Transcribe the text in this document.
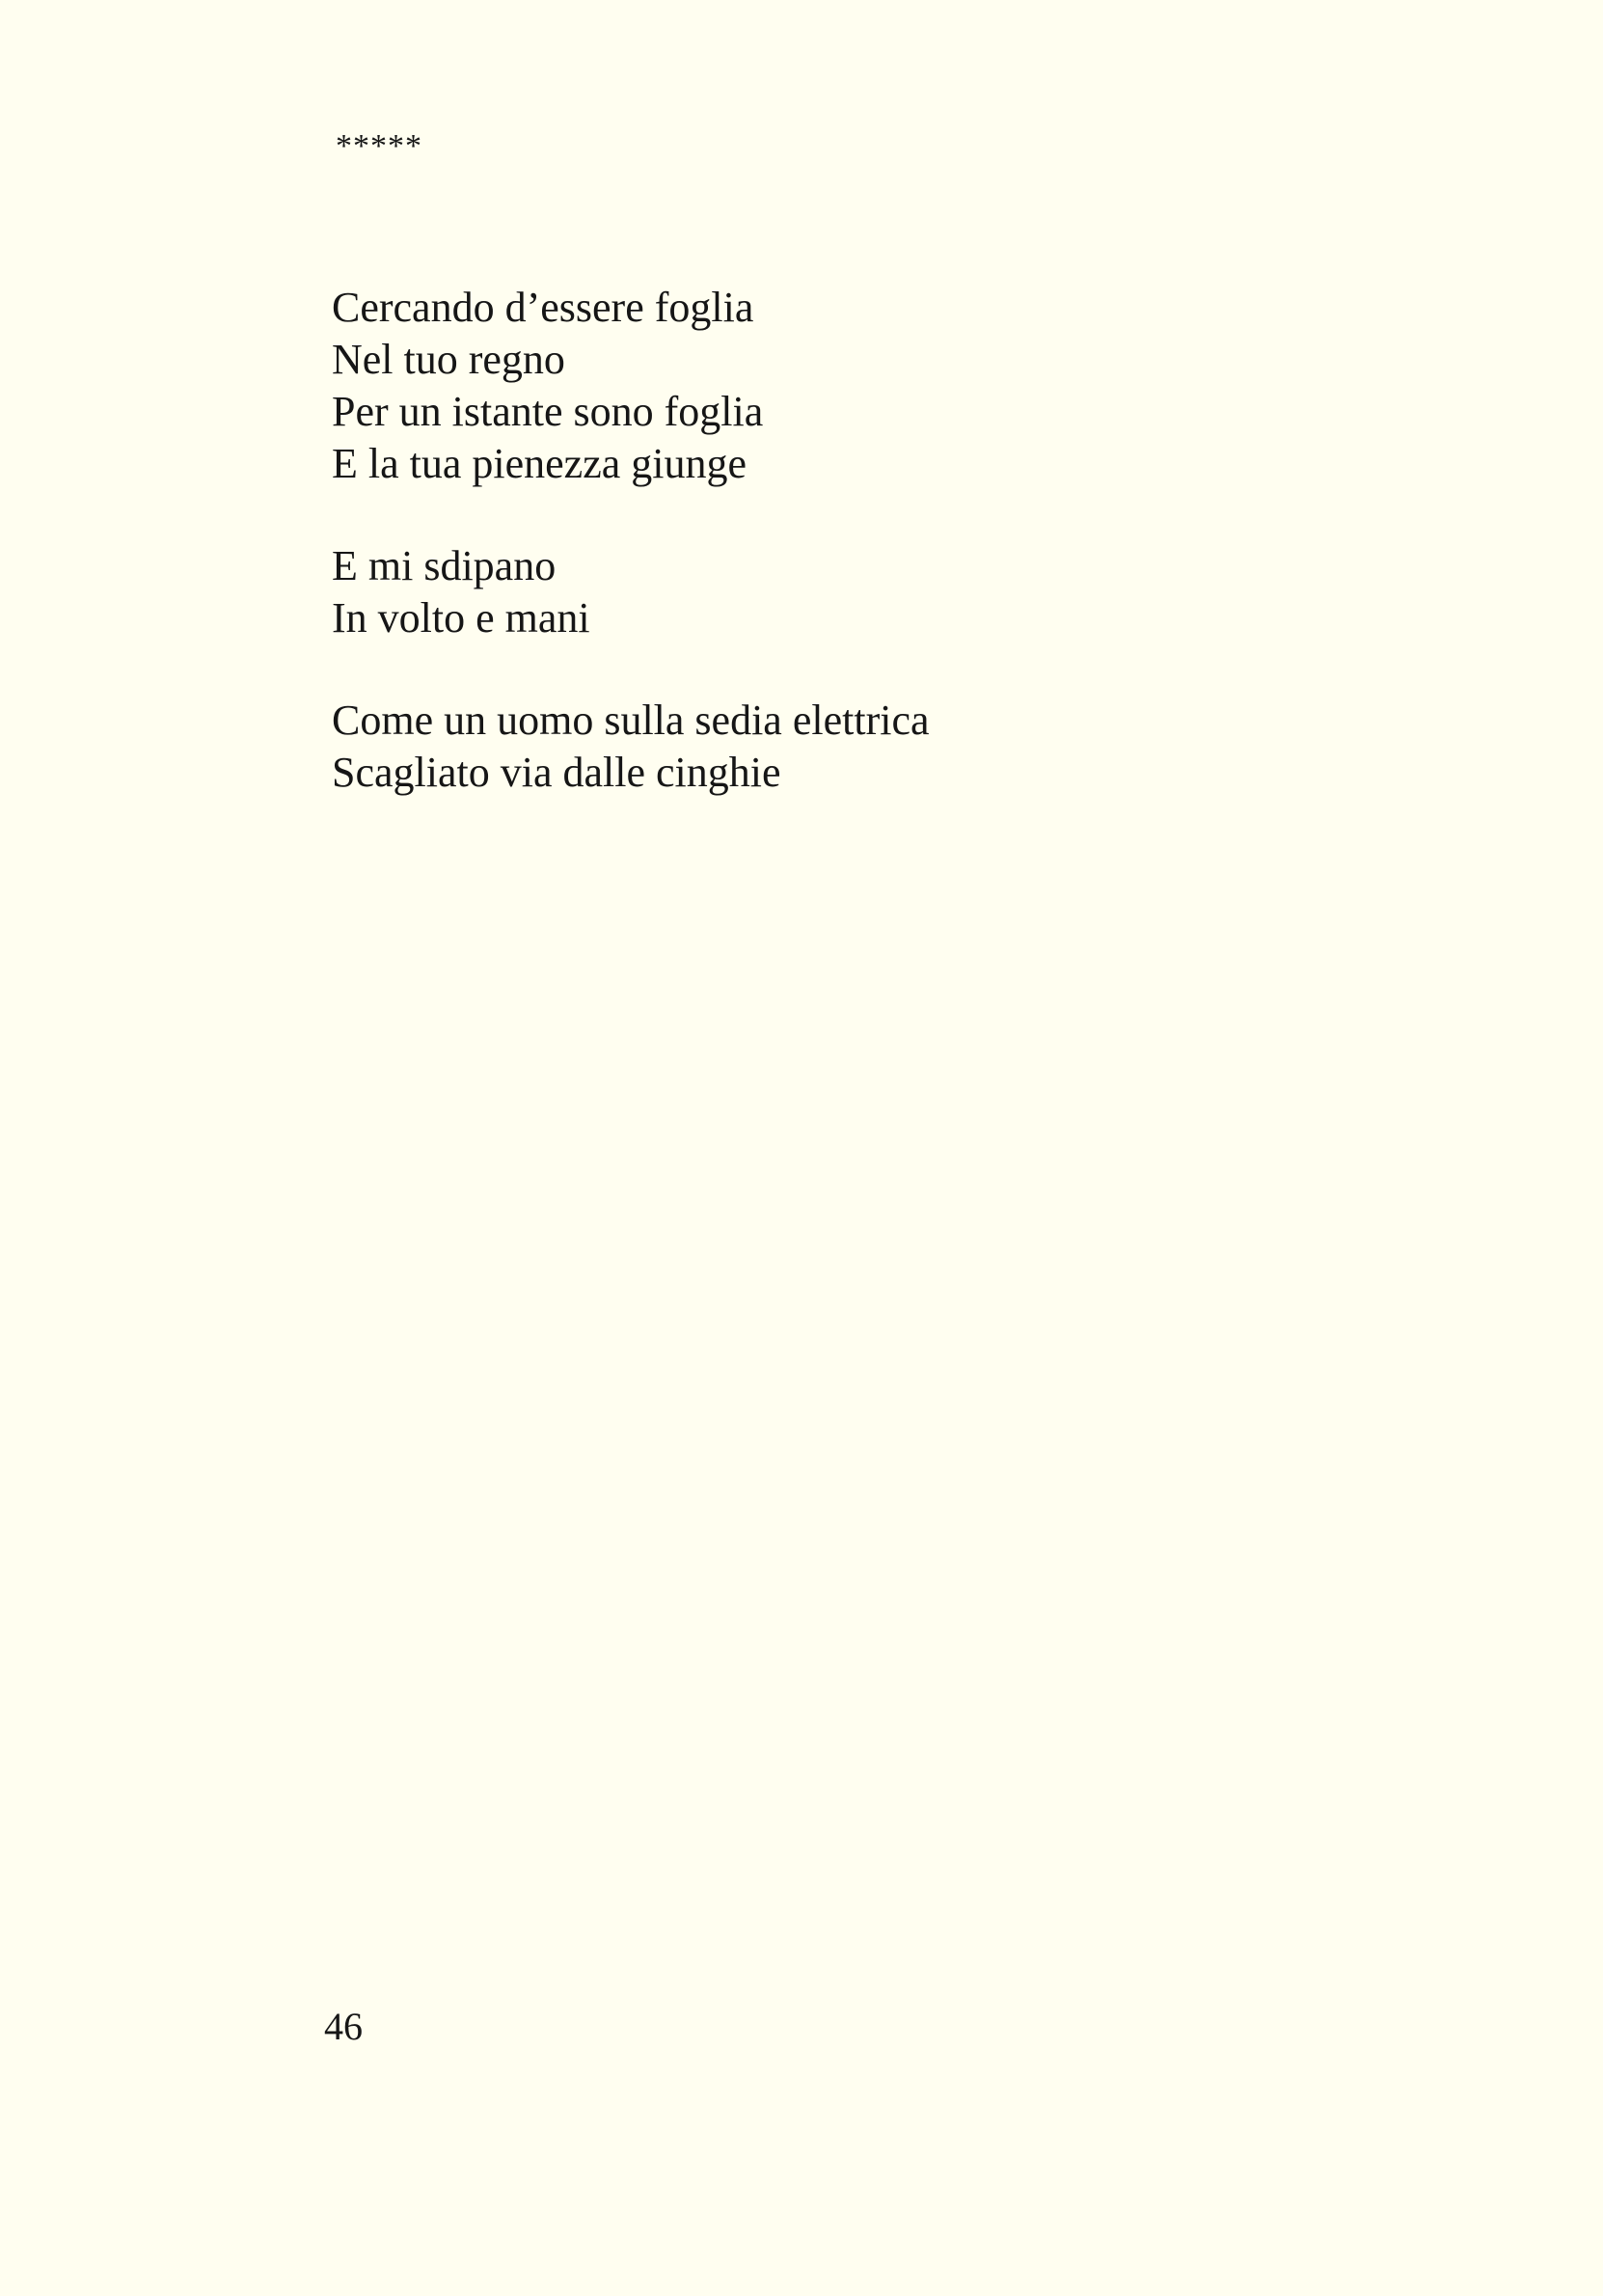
*****
Cercando d’essere foglia
Nel tuo regno
Per un istante sono foglia
E la tua pienezza giunge
E mi sdipano
In volto e mani
Come un uomo sulla sedia elettrica
Scagliato via dalle cinghie
46
